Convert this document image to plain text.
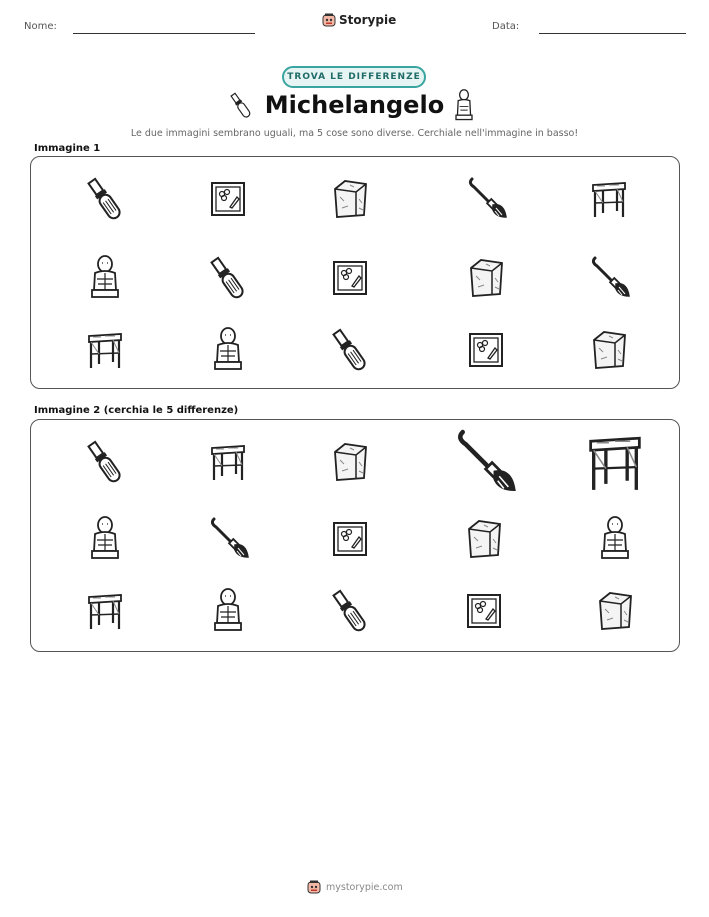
Nome:	Storypie	Data:
TROVA LE DIFFERENZE
Michelangelo
Le due immagini sembrano uguali, ma 5 cose sono diverse. Cerchiale nell'immagine in basso!
Immagine 1
Immagine 2 (cerchia le 5 differenze)
mystorypie.com
